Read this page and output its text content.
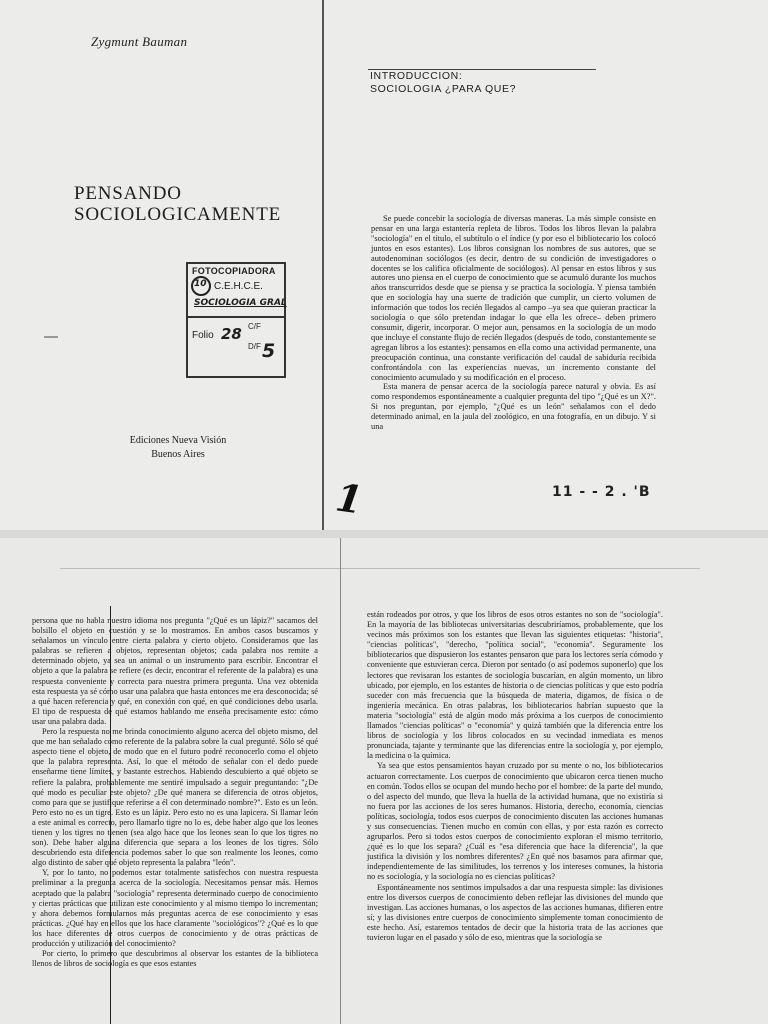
Zygmunt Bauman
PENSANDO
SOCIOLOGICAMENTE
FOTOCOPIADORA
10 C.E.H.C.E.
SOCIOLOGIA GRAL
Folio 28 C/F
D/F 5
Ediciones Nueva Visión
Buenos Aires
INTRODUCCION:
SOCIOLOGIA ¿PARA QUE?

Se puede concebir la sociología de diversas maneras. La más simple consiste en pensar en una larga estantería repleta de libros. Todos los libros llevan la palabra "sociología" en el título, el subtítulo o el índice (y por eso el bibliotecario los colocó juntos en esos estantes). Los libros consignan los nombres de sus autores, que se autodenominan sociólogos (es decir, dentro de su condición de investigadores o docentes se los califica oficialmente de sociólogos). Al pensar en estos libros y sus autores uno piensa en el cuerpo de conocimiento que se acumuló durante los muchos años transcurridos desde que se piensa y se practica la sociología. Y piensa también que en sociología hay una suerte de tradición que cumplir, un cierto volumen de información que todos los recién llegados al campo –ya sea que quieran practicar la sociología o que sólo pretendan indagar lo que ella les ofrece– deben primero consumir, digerir, incorporar. O mejor aun, pensamos en la sociología de un modo que incluye el constante flujo de recién llegados (después de todo, constantemente se agregan libros a los estantes): pensamos en ella como una actividad permanente, una preocupación continua, una constante verificación del caudal de sabiduría recibida confrontándola con las experiencias nuevas, un incremento constante del conocimiento acumulado y su modificación en el proceso.

Esta manera de pensar acerca de la sociología parece natural y obvia. Es así como respondemos espontáneamente a cualquier pregunta del tipo "¿Qué es un X?". Si nos preguntan, por ejemplo, "¿Qué es un león" señalamos con el dedo determinado animal, en la jaula del zoológico, en una fotografía, en un dibujo. Y si una

1	11 - - 2 . 'B

persona que no habla nuestro idioma nos pregunta "¿Qué es un lápiz?" sacamos del bolsillo el objeto en cuestión y se lo mostramos. En ambos casos buscamos y señalamos un vínculo entre cierta palabra y cierto objeto. Consideramos que las palabras se refieren a objetos, representan objetos; cada palabra nos remite a determinado objeto, ya sea un animal o un instrumento para escribir. Encontrar el objeto a que la palabra se refiere (es decir, encontrar el referente de la palabra) es una respuesta conveniente y correcta para nuestra primera pregunta. Una vez obtenida esta respuesta ya sé cómo usar una palabra que hasta entonces me era desconocida; sé a qué hacen referencia y qué, en conexión con qué, en qué condiciones debo usarla. El tipo de respuesta de qué estamos hablando me enseña precisamente esto: cómo usar una palabra dada.

Pero la respuesta no me brinda conocimiento alguno acerca del objeto mismo, del que me han señalado como referente de la palabra sobre la cual pregunté. Sólo sé qué aspecto tiene el objeto, de modo que en el futuro podré reconocerlo como el objeto que la palabra representa. Así, lo que el método de señalar con el dedo puede enseñarme tiene límites, y bastante estrechos. Habiendo descubierto a qué objeto se refiere la palabra, probablemente me sentiré impulsado a seguir preguntando: "¿De qué modo es peculiar este objeto? ¿De qué manera se diferencia de otros objetos, como para que se justifique referirse a él con determinado nombre?". Esto es un león. Pero esto no es un tigre. Esto es un lápiz. Pero esto no es una lapicera. Si llamar león a este animal es correcto, pero llamarlo tigre no lo es, debe haber algo que los leones tienen y los tigres no tienen (sea algo hace que los leones sean lo que los tigres no son). Debe haber alguna diferencia que separa a los leones de los tigres. Sólo descubriendo esta diferencia podemos saber lo que son realmente los leones, como algo distinto de saber qué objeto representa la palabra "león".

Y, por lo tanto, no podemos estar totalmente satisfechos con nuestra respuesta preliminar a la pregunta acerca de la sociología. Necesitamos pensar más. Hemos aceptado que la palabra "sociología" representa determinado cuerpo de conocimiento y ciertas prácticas que utilizan este conocimiento y al mismo tiempo lo incrementan; y ahora debemos formularnos más preguntas acerca de ese conocimiento y esas prácticas. ¿Qué hay en ellos que los hace claramente "sociológicos"? ¿Qué es lo que los hace diferentes de otros cuerpos de conocimiento y de otras prácticas de producción y utilización del conocimiento?

Por cierto, lo primero que descubrimos al observar los estantes de la biblioteca llenos de libros de sociología es que esos estantes

están rodeados por otros, y que los libros de esos otros estantes no son de "sociología". En la mayoría de las bibliotecas universitarias descubriríamos, probablemente, que los vecinos más próximos son los estantes que llevan las siguientes etiquetas: "historia", "ciencias políticas", "derecho, "política social", "economía". Seguramente los bibliotecarios que dispusieron los estantes pensaron que para los lectores sería cómodo y conveniente que estuvieran cerca. Dieron por sentado (o así podemos suponerlo) que los lectores que revisaran los estantes de sociología buscarían, en algún momento, un libro ubicado, por ejemplo, en los estantes de historia o de ciencias políticas y que esto podría suceder con más frecuencia que la búsqueda de materia, digamos, de física o de ingeniería mecánica. En otras palabras, los bibliotecarios habrían supuesto que la materia "sociología" está de algún modo más próxima a los cuerpos de conocimiento llamados "ciencias políticas" o "economía" y quizá también que la diferencia entre los libros de sociología y los libros colocados en su vecindad inmediata es menos pronunciada, tajante y terminante que las diferencias entre la sociología y, por ejemplo, la medicina o la química.

Ya sea que estos pensamientos hayan cruzado por su mente o no, los bibliotecarios actuaron correctamente. Los cuerpos de conocimiento que ubicaron cerca tienen mucho en común. Todos ellos se ocupan del mundo hecho por el hombre: de la parte del mundo, o del aspecto del mundo, que lleva la huella de la actividad humana, que no existiría si no fuera por las acciones de los seres humanos. Historia, derecho, economía, ciencias políticas, sociología, todos esos cuerpos de conocimiento discuten las acciones humanas y sus consecuencias. Tienen mucho en común con ellas, y por esta razón es correcto agruparlos. Pero si todos estos cuerpos de conocimiento exploran el mismo territorio, ¿qué es lo que los separa? ¿Cuál es "esa diferencia que hace la diferencia", la que justifica la división y los nombres diferentes? ¿En qué nos basamos para afirmar que, independientemente de las similitudes, los terrenos y los intereses comunes, la historia no es sociología, y la sociología no es ciencias políticas?

Espontáneamente nos sentimos impulsados a dar una respuesta simple: las divisiones entre los diversos cuerpos de conocimiento deben reflejar las divisiones del mundo que investigan. Las acciones humanas, o los aspectos de las acciones humanas, difieren entre sí; y las divisiones entre cuerpos de conocimiento simplemente toman conocimiento de este hecho. Así, estaremos tentados de decir que la historia trata de las acciones que tuvieron lugar en el pasado y sólo de eso, mientras que la sociología se
